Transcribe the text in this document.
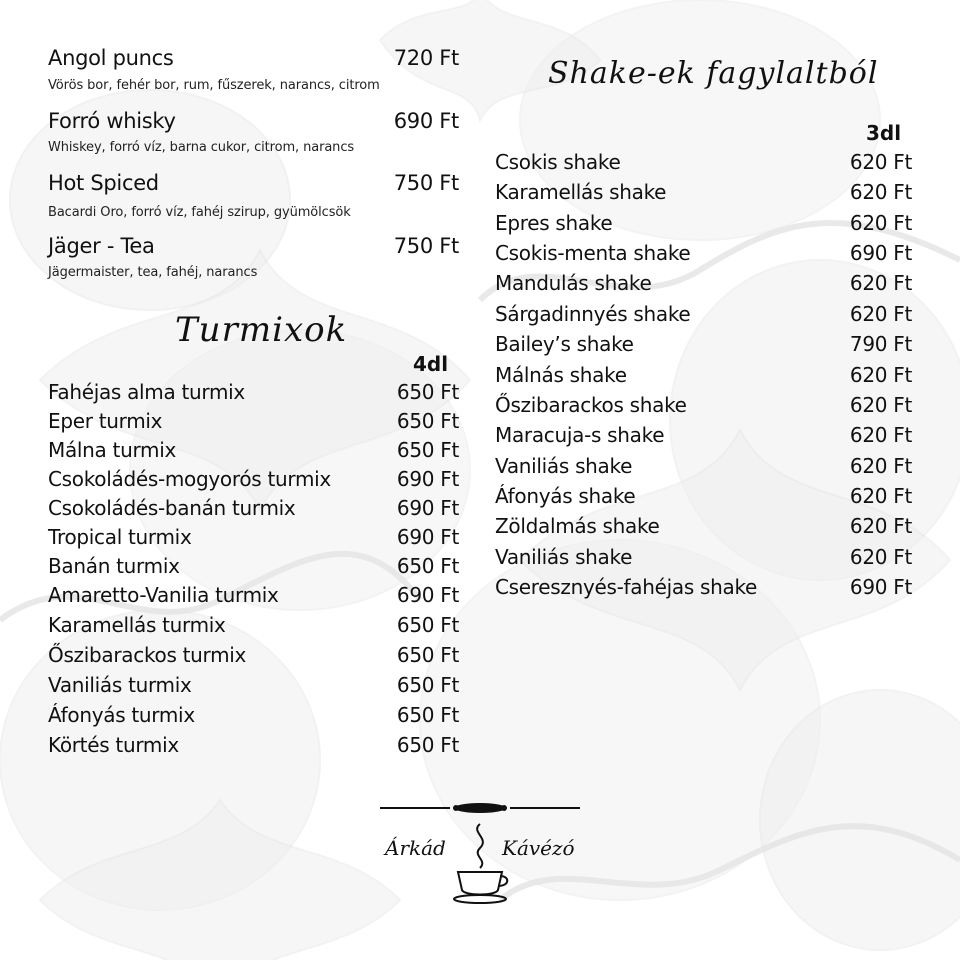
Angol puncs	720 Ft
Vörös bor, fehér bor, rum, fűszerek, narancs, citrom
Forró whisky	690 Ft
Whiskey, forró víz, barna cukor, citrom, narancs
Hot Spiced	750 Ft
Bacardi Oro, forró víz, fahéj szirup, gyümölcsök
Jäger - Tea	750 Ft
Jägermaister, tea, fahéj, narancs
Turmixok
4dl
Fahéjas alma turmix	650 Ft
Eper turmix	650 Ft
Málna turmix	650 Ft
Csokoládés-mogyorós turmix	690 Ft
Csokoládés-banán turmix	690 Ft
Tropical turmix	690 Ft
Banán turmix	650 Ft
Amaretto-Vanilia turmix	690 Ft
Karamellás turmix	650 Ft
Őszibarackos turmix	650 Ft
Vaniliás turmix	650 Ft
Áfonyás turmix	650 Ft
Körtés turmix	650 Ft
Shake-ek fagylaltból
3dl
Csokis shake	620 Ft
Karamellás shake	620 Ft
Epres shake	620 Ft
Csokis-menta shake	690 Ft
Mandulás shake	620 Ft
Sárgadinnyés shake	620 Ft
Bailey’s shake	790 Ft
Málnás shake	620 Ft
Őszibarackos shake	620 Ft
Maracuja-s shake	620 Ft
Vaniliás shake	620 Ft
Áfonyás shake	620 Ft
Zöldalmás shake	620 Ft
Vaniliás shake	620 Ft
Cseresznyés-fahéjas shake	690 Ft
Árkád	Kávézó
